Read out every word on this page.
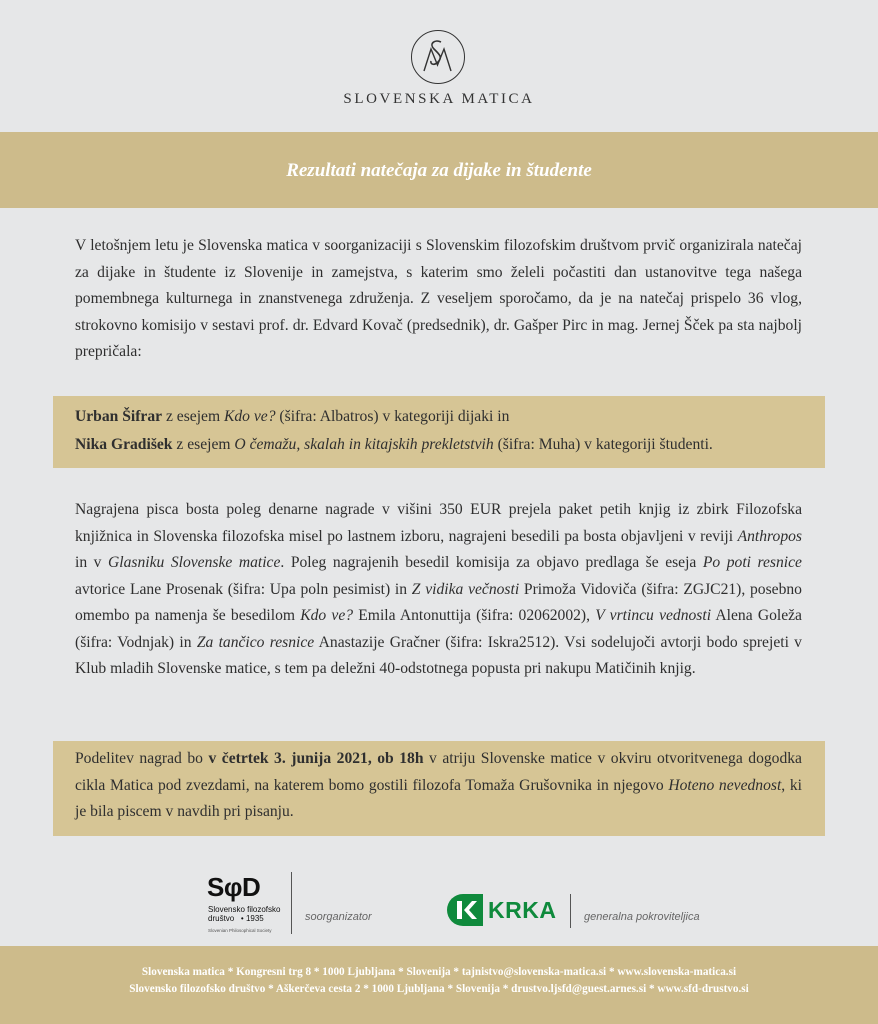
SLOVENSKA MATICA
Rezultati natečaja za dijake in študente

V letošnjem letu je Slovenska matica v soorganizaciji s Slovenskim filozofskim društvom prvič organizirala natečaj za dijake in študente iz Slovenije in zamejstva, s katerim smo želeli počastiti dan ustanovitve tega našega pomembnega kulturnega in znanstvenega združenja. Z veseljem sporočamo, da je na natečaj prispelo 36 vlog, strokovno komisijo v sestavi prof. dr. Edvard Kovač (predsednik), dr. Gašper Pirc in mag. Jernej Šček pa sta najbolj prepričala:

Urban Šifrar z esejem Kdo ve? (šifra: Albatros) v kategoriji dijaki in
Nika Gradišek z esejem O čemažu, skalah in kitajskih prekletstvih (šifra: Muha) v kategoriji študenti.

Nagrajena pisca bosta poleg denarne nagrade v višini 350 EUR prejela paket petih knjig iz zbirk Filozofska knjižnica in Slovenska filozofska misel po lastnem izboru, nagrajeni besedili pa bosta objavljeni v reviji Anthropos in v Glasniku Slovenske matice. Poleg nagrajenih besedil komisija za objavo predlaga še eseja Po poti resnice avtorice Lane Prosenak (šifra: Upa poln pesimist) in Z vidika večnosti Primoža Vidoviča (šifra: ZGJC21), posebno omembo pa namenja še besedilom Kdo ve? Emila Antonuttija (šifra: 02062002), V vrtincu vednosti Alena Goleža (šifra: Vodnjak) in Za tančico resnice Anastazije Gračner (šifra: Iskra2512). Vsi sodelujoči avtorji bodo sprejeti v Klub mladih Slovenske matice, s tem pa deležni 40-odstotnega popusta pri nakupu Matičinih knjig.

Podelitev nagrad bo v četrtek 3. junija 2021, ob 18h v atriju Slovenske matice v okviru otvoritvenega dogodka cikla Matica pod zvezdami, na katerem bomo gostili filozofa Tomaža Grušovnika in njegovo Hoteno nevednost, ki je bila piscem v navdih pri pisanju.

SφD
Slovensko filozofsko
društvo   • 1935
Slovenian Philosophical Society
soorganizator	KRKA	generalna pokroviteljica
Slovenska matica * Kongresni trg 8 * 1000 Ljubljana * Slovenija * tajnistvo@slovenska-matica.si * www.slovenska-matica.si
Slovensko filozofsko društvo * Aškerčeva cesta 2 * 1000 Ljubljana * Slovenija * drustvo.ljsfd@guest.arnes.si * www.sfd-drustvo.si
